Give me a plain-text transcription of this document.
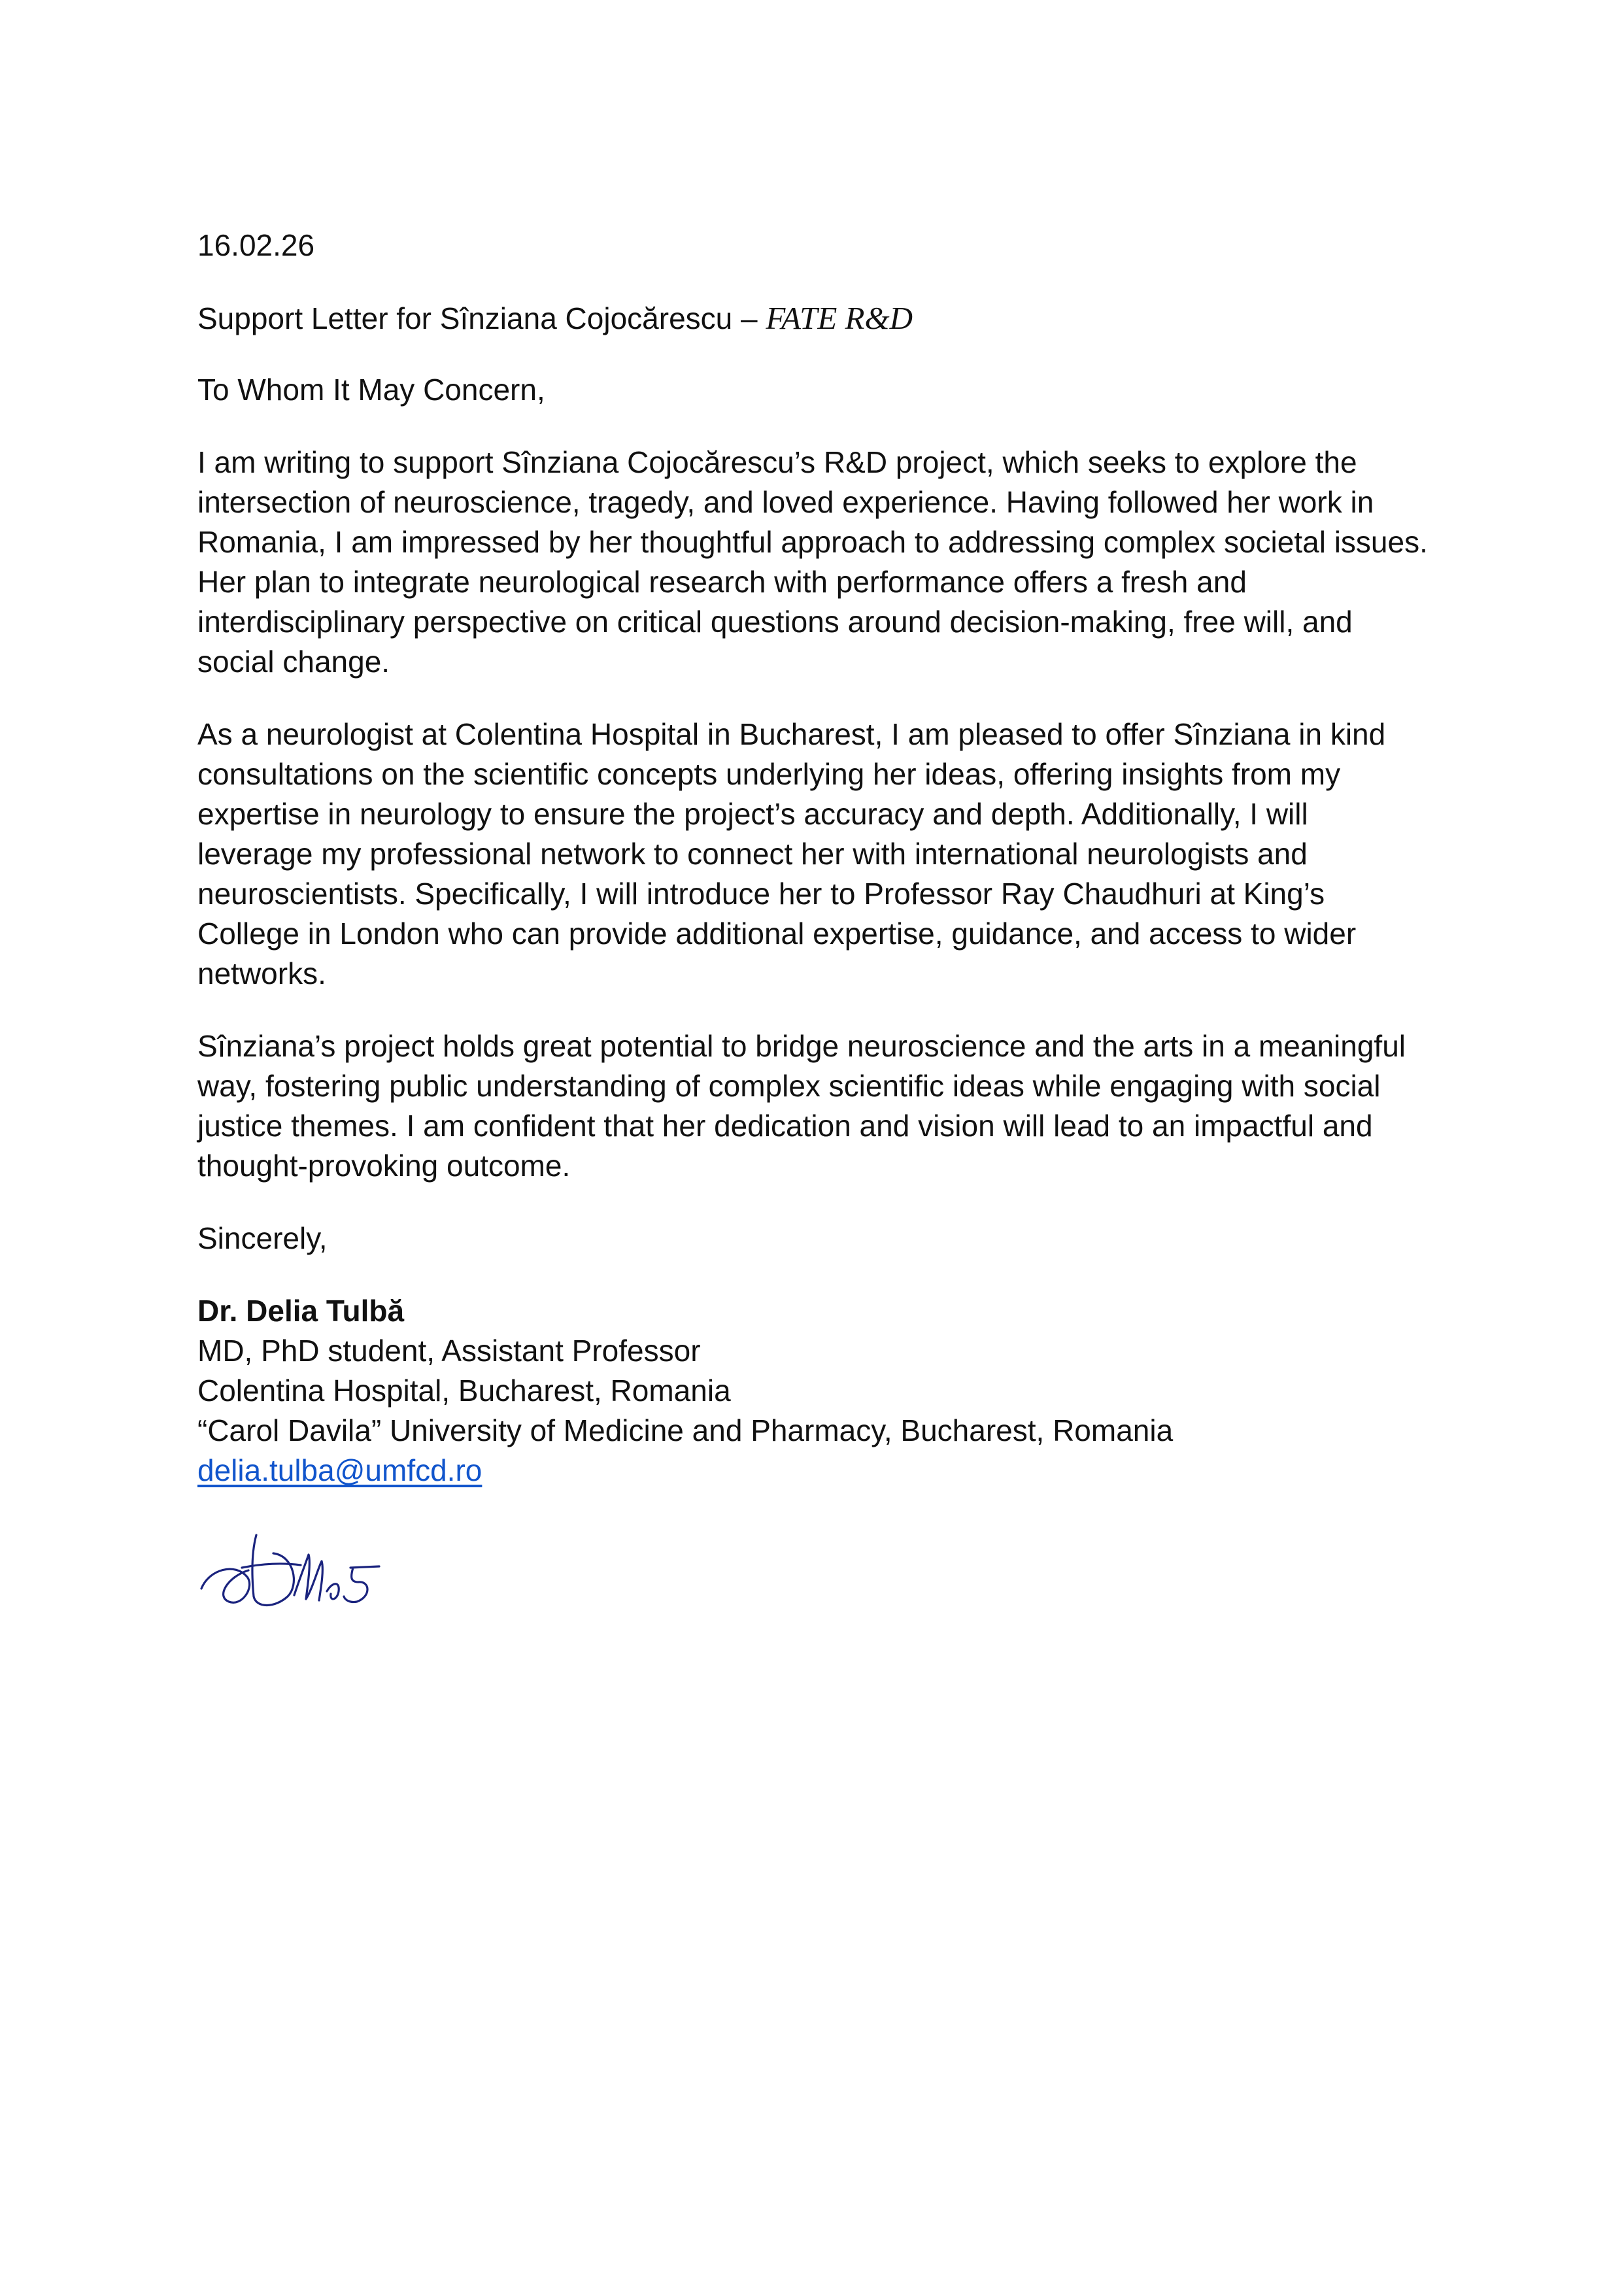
16.02.26

Support Letter for Sînziana Cojocărescu – FATE R&D

To Whom It May Concern,

I am writing to support Sînziana Cojocărescu’s R&D project, which seeks to explore the
intersection of neuroscience, tragedy, and loved experience. Having followed her work in
Romania, I am impressed by her thoughtful approach to addressing complex societal issues.
Her plan to integrate neurological research with performance offers a fresh and
interdisciplinary perspective on critical questions around decision-making, free will, and
social change.

As a neurologist at Colentina Hospital in Bucharest, I am pleased to offer Sînziana in kind
consultations on the scientific concepts underlying her ideas, offering insights from my
expertise in neurology to ensure the project’s accuracy and depth. Additionally, I will
leverage my professional network to connect her with international neurologists and
neuroscientists. Specifically, I will introduce her to Professor Ray Chaudhuri at King’s
College in London who can provide additional expertise, guidance, and access to wider
networks.

Sînziana’s project holds great potential to bridge neuroscience and the arts in a meaningful
way, fostering public understanding of complex scientific ideas while engaging with social
justice themes. I am confident that her dedication and vision will lead to an impactful and
thought-provoking outcome.

Sincerely,

Dr. Delia Tulbă

MD, PhD student, Assistant Professor

Colentina Hospital, Bucharest, Romania

“Carol Davila” University of Medicine and Pharmacy, Bucharest, Romania

delia.tulba@umfcd.ro
